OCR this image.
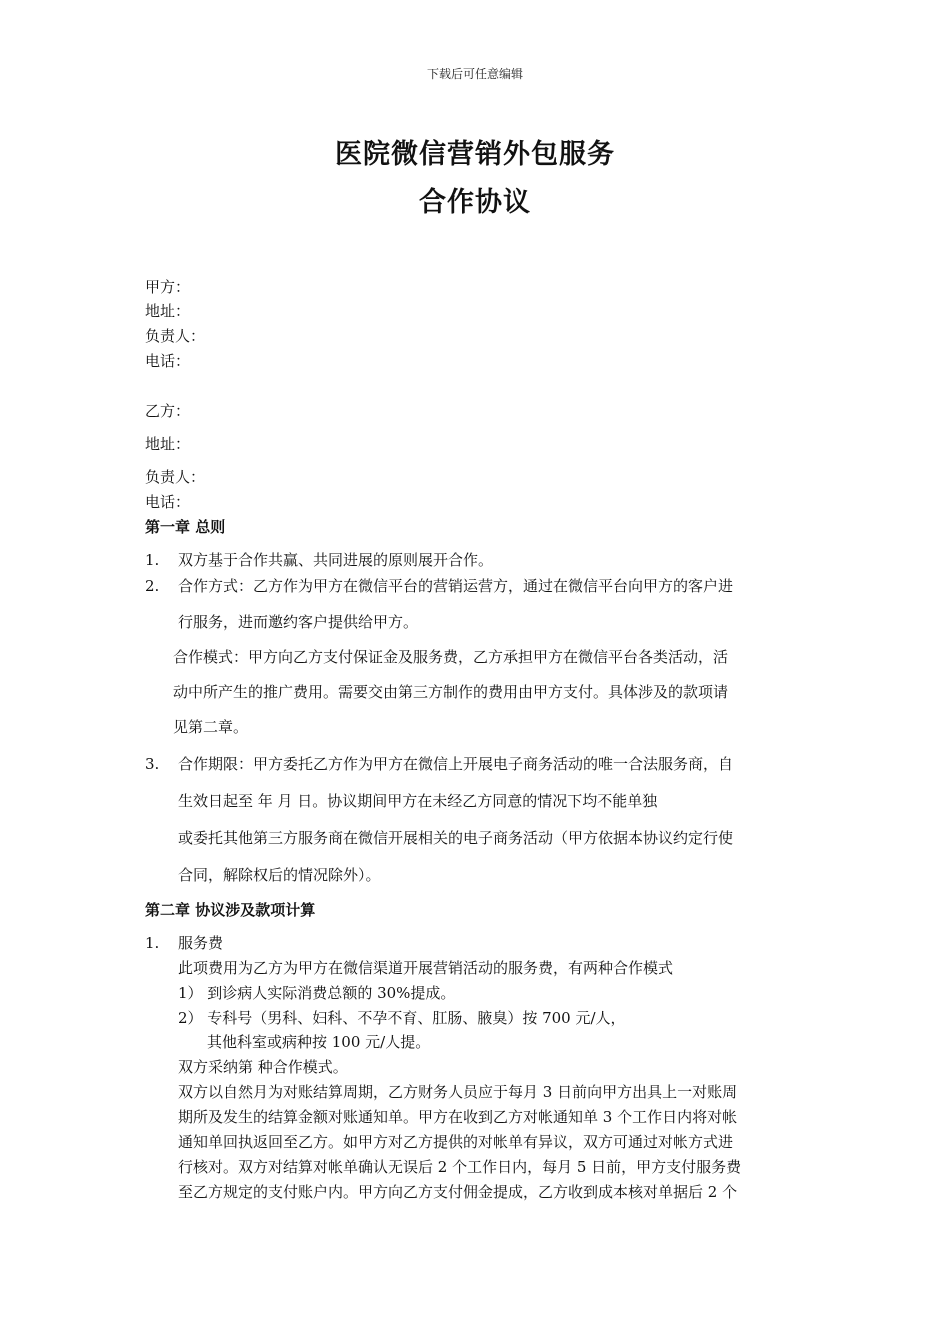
下载后可任意编辑
医院微信营销外包服务
合作协议
甲方：
地址：
负责人：
电话：
乙方：
地址：
负责人：
电话：
第一章 总则
1. 双方基于合作共赢、共同进展的原则展开合作。
2. 合作方式：乙方作为甲方在微信平台的营销运营方，通过在微信平台向甲方的客户进
行服务，进而邀约客户提供给甲方。
合作模式：甲方向乙方支付保证金及服务费，乙方承担甲方在微信平台各类活动，活
动中所产生的推广费用。需要交由第三方制作的费用由甲方支付。具体涉及的款项请
见第二章。
3. 合作期限：甲方委托乙方作为甲方在微信上开展电子商务活动的唯一合法服务商，自
生效日起至 年 月 日。协议期间甲方在未经乙方同意的情况下均不能单独
或委托其他第三方服务商在微信开展相关的电子商务活动（甲方依据本协议约定行使
合同，解除权后的情况除外）。
第二章 协议涉及款项计算
1. 服务费
此项费用为乙方为甲方在微信渠道开展营销活动的服务费，有两种合作模式
1） 到诊病人实际消费总额的 30%提成。
2） 专科号（男科、妇科、不孕不育、肛肠、腋臭）按 700 元/人，
其他科室或病种按 100 元/人提。
双方采纳第 种合作模式。
双方以自然月为对账结算周期，乙方财务人员应于每月 3 日前向甲方出具上一对账周
期所及发生的结算金额对账通知单。甲方在收到乙方对帐通知单 3 个工作日内将对帐
通知单回执返回至乙方。如甲方对乙方提供的对帐单有异议，双方可通过对帐方式进
行核对。双方对结算对帐单确认无误后 2 个工作日内，每月 5 日前，甲方支付服务费
至乙方规定的支付账户内。甲方向乙方支付佣金提成，乙方收到成本核对单据后 2 个
